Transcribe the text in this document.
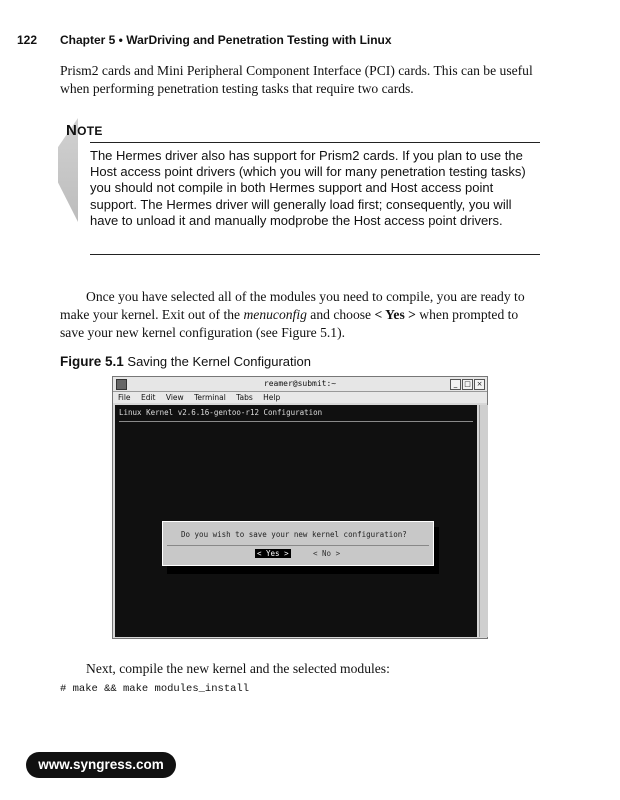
122 Chapter 5 • WarDriving and Penetration Testing with Linux

Prism2 cards and Mini Peripheral Component Interface (PCI) cards. This can be useful when performing penetration testing tasks that require two cards.

NOTE

The Hermes driver also has support for Prism2 cards. If you plan to use the Host access point drivers (which you will for many penetration testing tasks) you should not compile in both Hermes support and Host access point support. The Hermes driver will generally load first; consequently, you will have to unload it and manually modprobe the Host access point drivers.

Once you have selected all of the modules you need to compile, you are ready to make your kernel. Exit out of the menuconfig and choose < Yes > when prompted to save your new kernel configuration (see Figure 5.1).

Figure 5.1 Saving the Kernel Configuration
reamer@submit:~	_ □ ×
File Edit View Terminal Tabs Help
Linux Kernel v2.6.16-gentoo-r12 Configuration
Do you wish to save your new kernel configuration?
< Yes >	< No >

Next, compile the new kernel and the selected modules:

# make && make modules_install
www.syngress.com
